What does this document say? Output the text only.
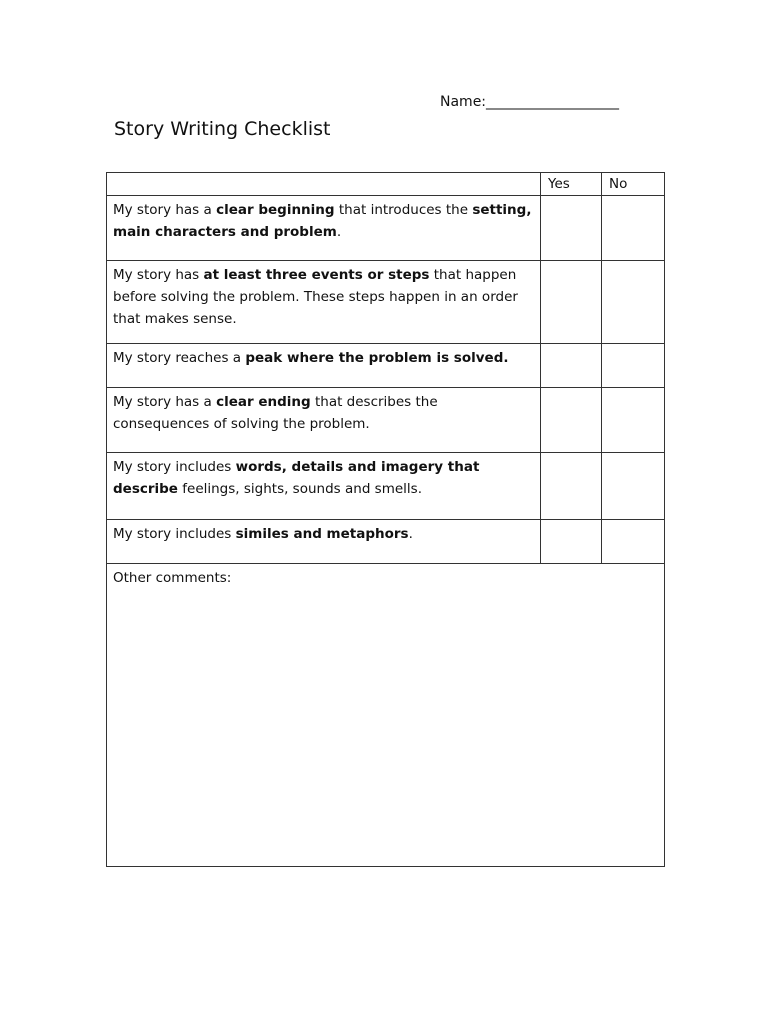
Name:___________________
Story Writing Checklist

	Yes	No

My story has a clear beginning that introduces the setting, main characters and problem.		

My story has at least three events or steps that happen before solving the problem. These steps happen in an order that makes sense.		

My story reaches a peak where the problem is solved.		

My story has a clear ending that describes the consequences of solving the problem.		

My story includes words, details and imagery that describe feelings, sights, sounds and smells.		

My story includes similes and metaphors.		

Other comments:		
